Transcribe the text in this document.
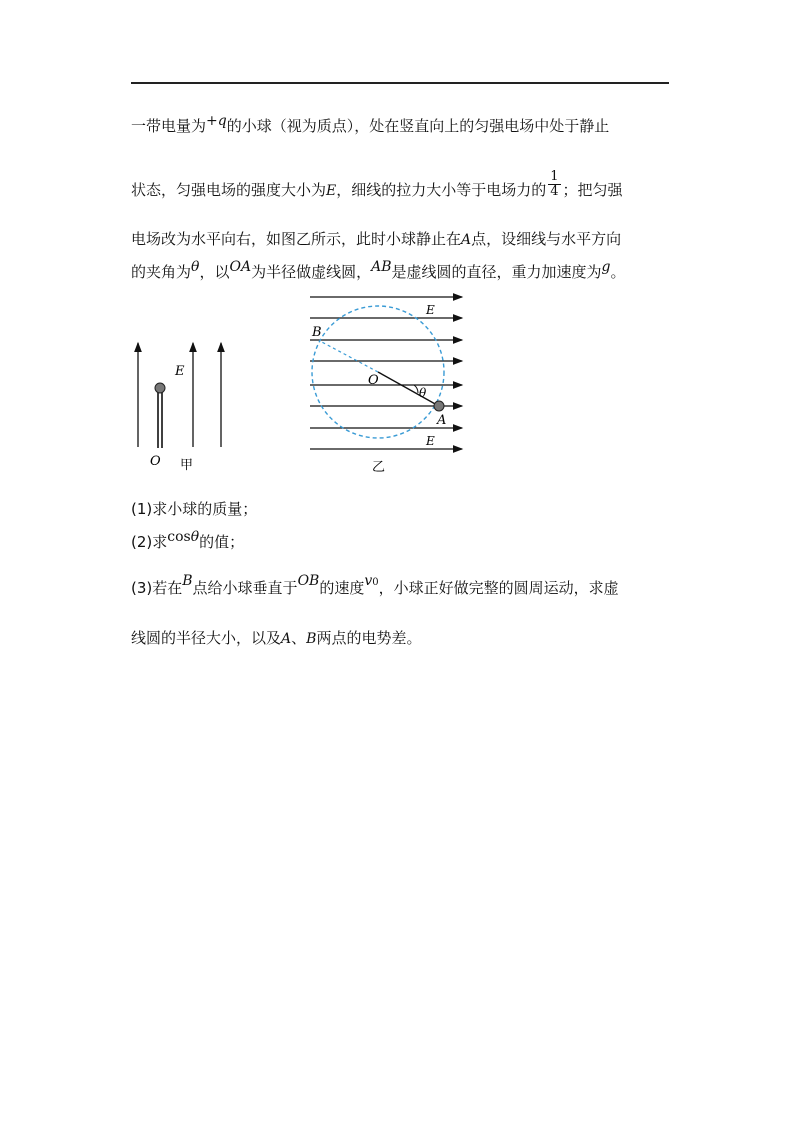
一带电量为+q的小球（视为质点），处在竖直向上的匀强电场中处于静止
状态，匀强电场的强度大小为E，细线的拉力大小等于电场力的 $\frac{1}{4}$ ；把匀强
电场改为水平向右，如图乙所示，此时小球静止在A点，设细线与水平方向
的夹角为θ，以OA为半径做虚线圆，AB是虚线圆的直径，重力加速度为g。
E
O 甲
E
E
B
O
θ
A
乙
(1)求小球的质量；
(2)求cosθ的值；
(3)若在B点给小球垂直于OB的速度$v^0$，小球正好做完整的圆周运动，求虚
线圆的半径大小，以及A、B两点的电势差。
